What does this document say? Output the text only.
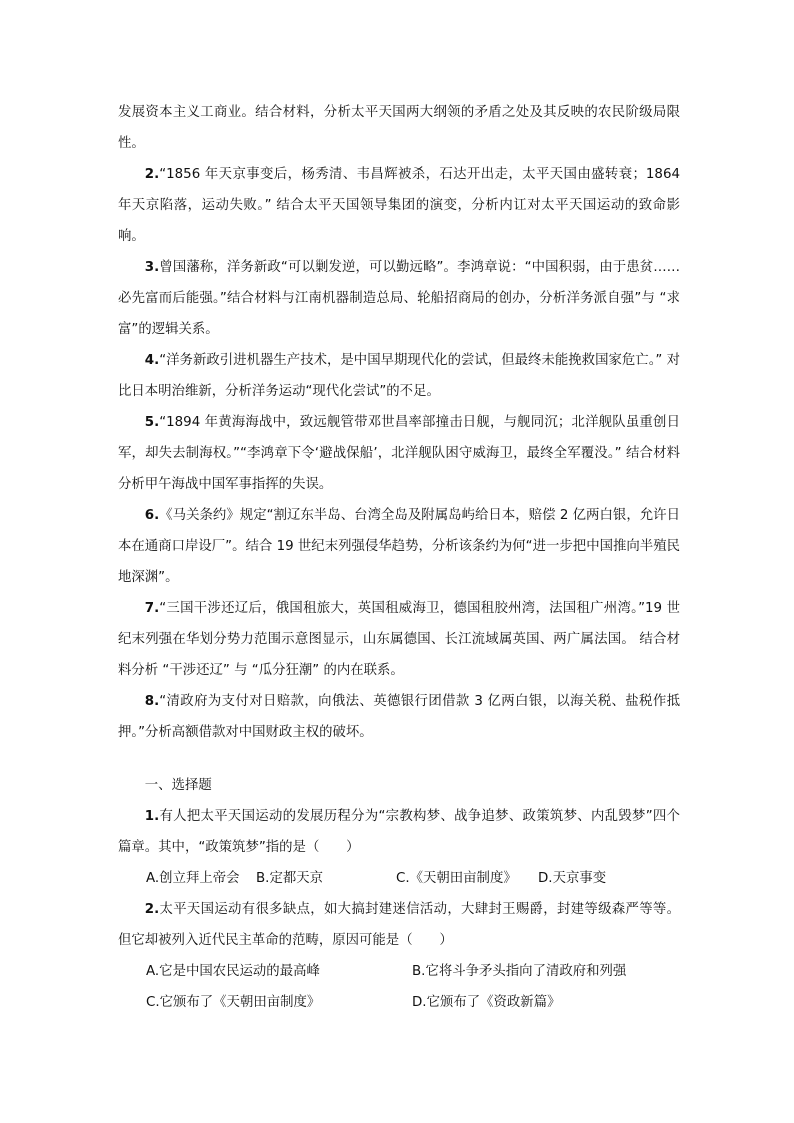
发展资本主义工商业。结合材料，分析太平天国两大纲领的矛盾之处及其反映的农民阶级局限性。

2.“1856 年天京事变后，杨秀清、韦昌辉被杀，石达开出走，太平天国由盛转衰；1864 年天京陷落，运动失败。” 结合太平天国领导集团的演变，分析内讧对太平天国运动的致命影响。

3.曾国藩称，洋务新政“可以剿发逆，可以勤远略”。李鸿章说：“中国积弱，由于患贫……必先富而后能强。”结合材料与江南机器制造总局、轮船招商局的创办，分析洋务派自强”与 “求富”的逻辑关系。

4.“洋务新政引进机器生产技术，是中国早期现代化的尝试，但最终未能挽救国家危亡。” 对比日本明治维新，分析洋务运动“现代化尝试”的不足。

5.“1894 年黄海海战中，致远舰管带邓世昌率部撞击日舰，与舰同沉；北洋舰队虽重创日军，却失去制海权。”“李鸿章下令‘避战保船’，北洋舰队困守威海卫，最终全军覆没。” 结合材料分析甲午海战中国军事指挥的失误。

6.《马关条约》规定“割辽东半岛、台湾全岛及附属岛屿给日本，赔偿 2 亿两白银，允许日本在通商口岸设厂”。结合 19 世纪末列强侵华趋势，分析该条约为何“进一步把中国推向半殖民地深渊”。

7.“三国干涉还辽后，俄国租旅大，英国租威海卫，德国租胶州湾，法国租广州湾。”19 世纪末列强在华划分势力范围示意图显示，山东属德国、长江流域属英国、两广属法国。 结合材料分析 “干涉还辽” 与 “瓜分狂潮” 的内在联系。

8.“清政府为支付对日赔款，向俄法、英德银行团借款 3 亿两白银，以海关税、盐税作抵押。”分析高额借款对中国财政主权的破坏。

一、选择题

1.有人把太平天国运动的发展历程分为“宗教构梦、战争追梦、政策筑梦、内乱毁梦”四个篇章。其中，“政策筑梦”指的是（　　）

A.创立拜上帝会	B.定都天京	C.《天朝田亩制度》	D.天京事变

2.太平天国运动有很多缺点，如大搞封建迷信活动，大肆封王赐爵，封建等级森严等等。但它却被列入近代民主革命的范畴，原因可能是（　　）

A.它是中国农民运动的最高峰	B.它将斗争矛头指向了清政府和列强
C.它颁布了《天朝田亩制度》	D.它颁布了《资政新篇》
